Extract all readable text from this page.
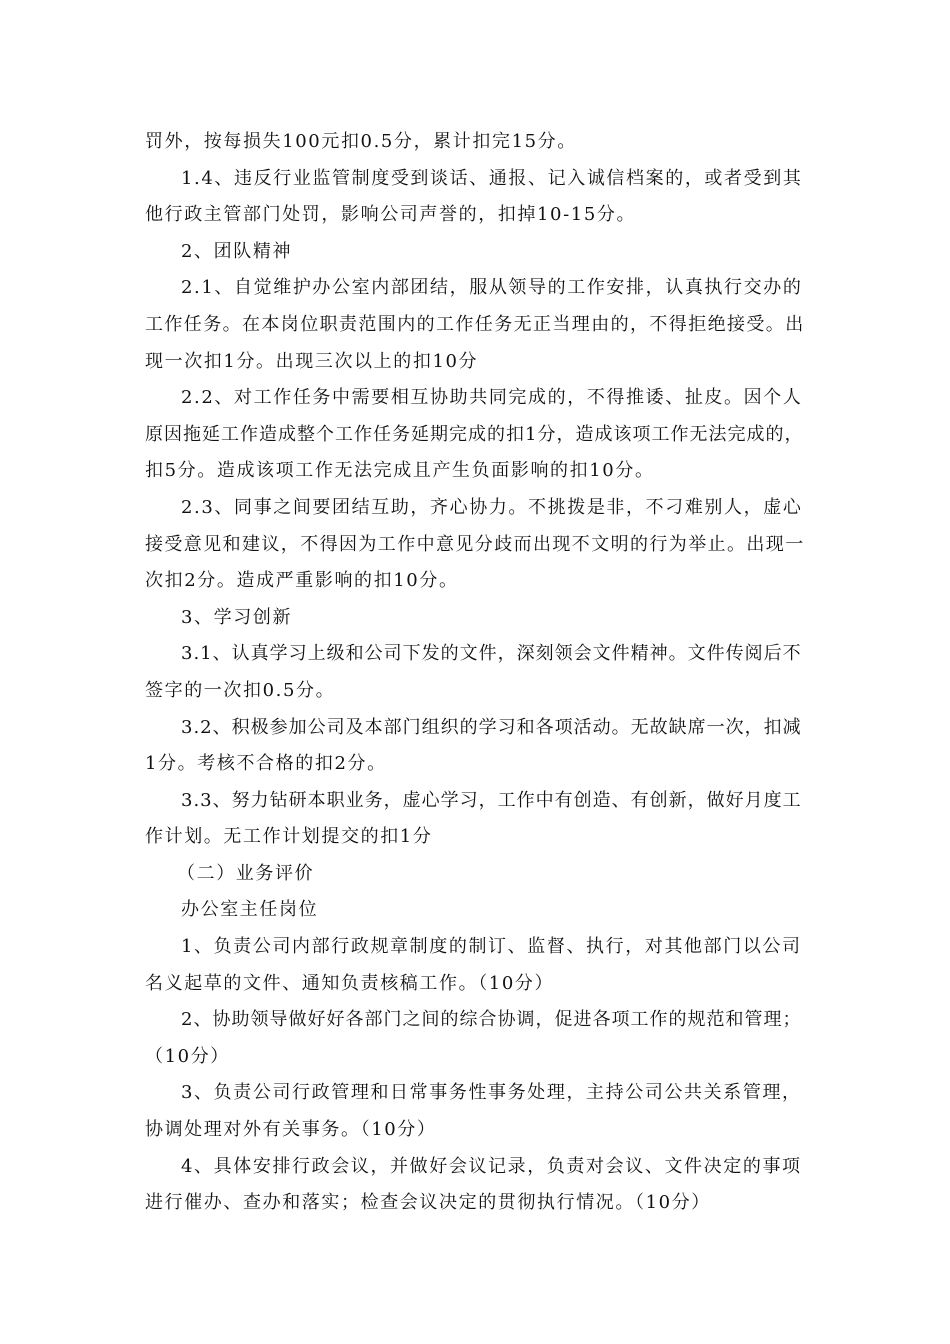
罚外，按每损失100元扣0.5分，累计扣完15分。

1.4、违反行业监管制度受到谈话、通报、记入诚信档案的，或者受到其

他行政主管部门处罚，影响公司声誉的，扣掉10-15分。

2、团队精神

2.1、自觉维护办公室内部团结，服从领导的工作安排，认真执行交办的

工作任务。在本岗位职责范围内的工作任务无正当理由的，不得拒绝接受。出

现一次扣1分。出现三次以上的扣10分

2.2、对工作任务中需要相互协助共同完成的，不得推诿、扯皮。因个人

原因拖延工作造成整个工作任务延期完成的扣1分，造成该项工作无法完成的，

扣5分。造成该项工作无法完成且产生负面影响的扣10分。

2.3、同事之间要团结互助，齐心协力。不挑拨是非，不刁难别人，虚心

接受意见和建议，不得因为工作中意见分歧而出现不文明的行为举止。出现一

次扣2分。造成严重影响的扣10分。

3、学习创新

3.1、认真学习上级和公司下发的文件，深刻领会文件精神。文件传阅后不

签字的一次扣0.5分。

3.2、积极参加公司及本部门组织的学习和各项活动。无故缺席一次，扣减

1分。考核不合格的扣2分。

3.3、努力钻研本职业务，虚心学习，工作中有创造、有创新，做好月度工

作计划。无工作计划提交的扣1分

（二）业务评价

办公室主任岗位

1、负责公司内部行政规章制度的制订、监督、执行，对其他部门以公司

名义起草的文件、通知负责核稿工作。（10分）

2、协助领导做好好各部门之间的综合协调，促进各项工作的规范和管理；

（10分）

3、负责公司行政管理和日常事务性事务处理，主持公司公共关系管理，

协调处理对外有关事务。（10分）

4、具体安排行政会议，并做好会议记录，负责对会议、文件决定的事项

进行催办、查办和落实；检查会议决定的贯彻执行情况。（10分）
